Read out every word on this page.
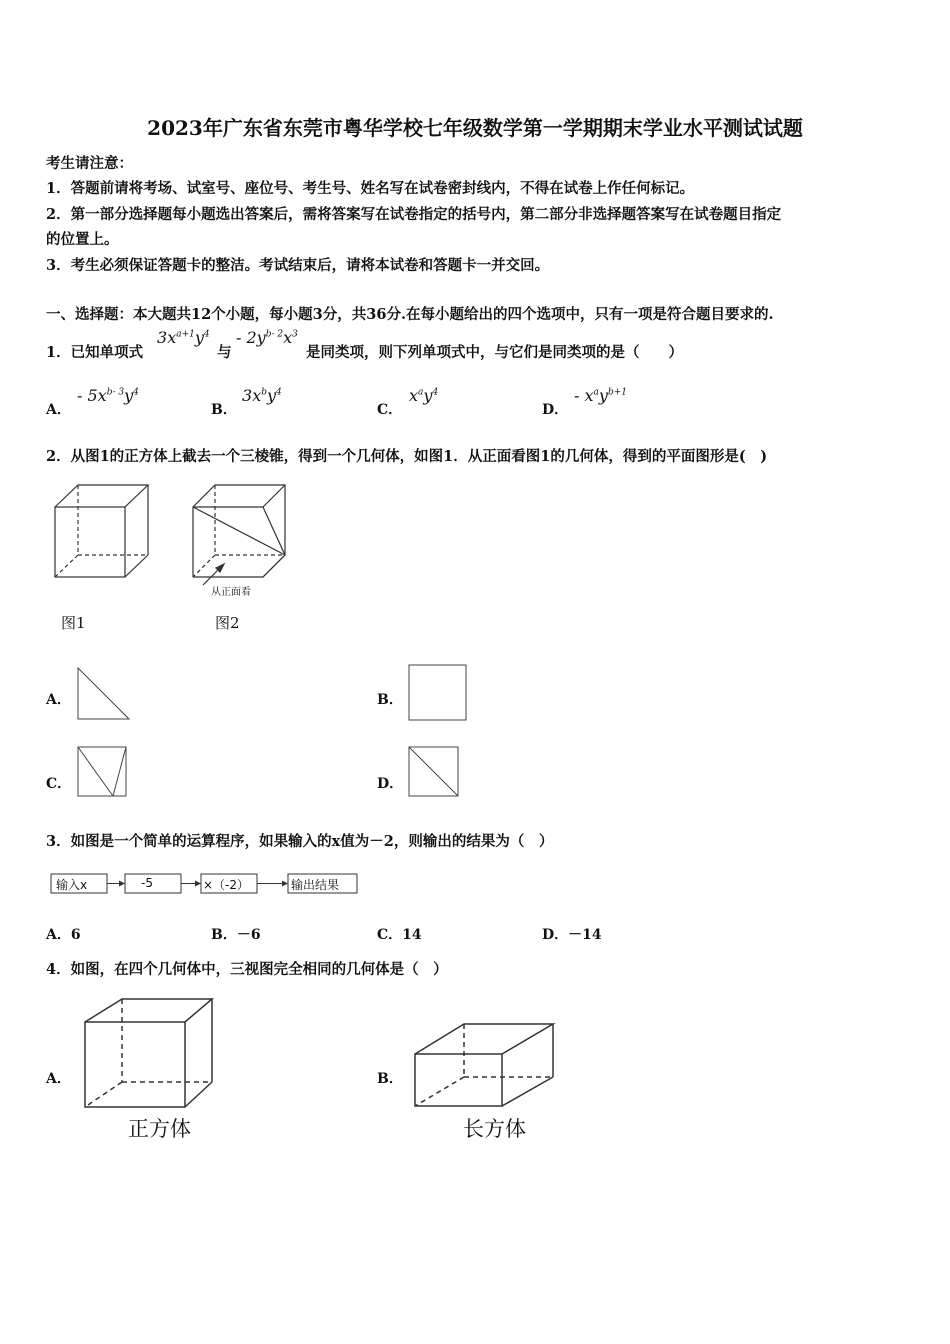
2023年广东省东莞市粤华学校七年级数学第一学期期末学业水平测试试题
考生请注意：
1．答题前请将考场、试室号、座位号、考生号、姓名写在试卷密封线内，不得在试卷上作任何标记。
2．第一部分选择题每小题选出答案后，需将答案写在试卷指定的括号内，第二部分非选择题答案写在试卷题目指定
的位置上。
3．考生必须保证答题卡的整洁。考试结束后，请将本试卷和答题卡一并交回。
一、选择题：本大题共12个小题，每小题3分，共36分.在每小题给出的四个选项中，只有一项是符合题目要求的.
1．已知单项式
$3x^{a+1}y^4$
与
- $2y^{b- 2}x^3$
是同类项，则下列单项式中，与它们是同类项的是（　　）
A．
- $5x^{b- 3}y^4$
B．
$3x^by^4$
C．
$x^ay^4$
D．
- $x^ay^{b+1}$
2．从图1的正方体上截去一个三棱锥，得到一个几何体，如图1．从正面看图1的几何体，得到的平面图形是(　)
从正面看
图1	图2
A．	B．
C．	D．
3．如图是一个简单的运算程序，如果输入的x值为－2，则输出的结果为（　）
输入x	-5	×（-2）	输出结果
A．6	B．－6	C．14	D．－14
4．如图，在四个几何体中，三视图完全相同的几何体是（　）
A．
正方体
B．
长方体
